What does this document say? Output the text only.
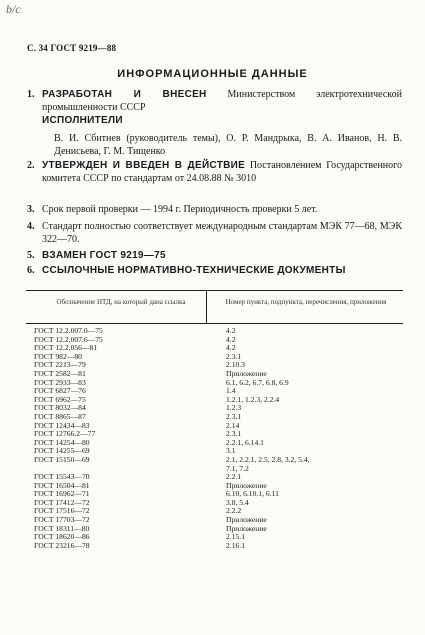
b/c
С. 34 ГОСТ 9219—88
ИНФОРМАЦИОННЫЕ ДАННЫЕ
1. РАЗРАБОТАН И ВНЕСЕН Министерством электротехнической промышленности СССР
ИСПОЛНИТЕЛИ
В. И. Сбитнев (руководитель темы), О. Р. Мандрыка, В. А. Иванов, Н. В. Денисьева, Г. М. Тищенко
2. УТВЕРЖДЕН И ВВЕДЕН В ДЕЙСТВИЕ Постановлением Государственного комитета СССР по стандартам от 24.08.88 № 3010
3. Срок первой проверки — 1994 г. Периодичность проверки 5 лет.
4. Стандарт полностью соответствует международным стандартам МЭК 77—68, МЭК 322—70.
5. ВЗАМЕН ГОСТ 9219—75
6. ССЫЛОЧНЫЕ НОРМАТИВНО-ТЕХНИЧЕСКИЕ ДОКУМЕНТЫ
Обозначение НТД, на который дана ссылка	Номер пункта, подпункта, перечисления, приложения
ГОСТ 12.2.007.0—75	4.2
ГОСТ 12.2.007.6—75	4.2
ГОСТ 12.2.056—81	4.2
ГОСТ 982—80	2.3.1
ГОСТ 2213—79	2.10.3
ГОСТ 2582—81	Приложение
ГОСТ 2933—83	6.1, 6.2, 6.7, 6.8, 6.9
ГОСТ 6827—76	1.4
ГОСТ 6962—75	1.2.1, 1.2.3, 2.2.4
ГОСТ 8032—84	1.2.3
ГОСТ 8865—87	2.3.1
ГОСТ 12434—83	2.14
ГОСТ 12766.2—77	2.3.1
ГОСТ 14254—80	2.2.1, 6.14.1
ГОСТ 14255—69	3.1
ГОСТ 15150—69	2.1, 2.2.1, 2.5, 2.8, 3.2, 5.4,
7.1, 7.2
ГОСТ 15543—70	2.2.1
ГОСТ 16504—81	Приложение
ГОСТ 16962—71	6.10, 6.10.1, 6.11
ГОСТ 17412—72	3.8, 5.4
ГОСТ 17516—72	2.2.2
ГОСТ 17703—72	Приложение
ГОСТ 18311—80	Приложение
ГОСТ 18620—86	2.15.1
ГОСТ 23216—78	2.16.1
